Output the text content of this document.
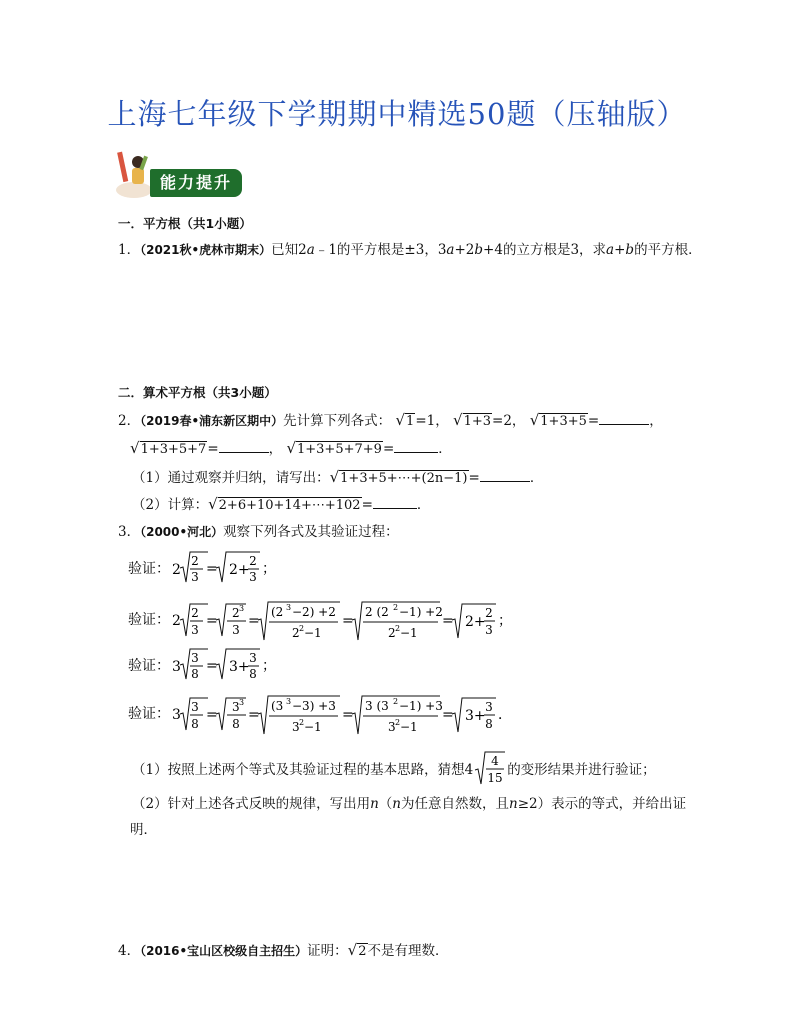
上海七年级下学期期中精选50题（压轴版）
能力提升
一．平方根（共1小题）
1．（2021秋•虎林市期末）已知2a﹣1的平方根是±3，3a+2b+4的立方根是3，求a+b的平方根．
二．算术平方根（共3小题）
2．（2019春•浦东新区期中）先计算下列各式： √1=1， √1+3=2， √1+3+5=	，
√1+3+5+7=	， √1+3+5+7+9=	．
（1）通过观察并归纳，请写出：√1+3+5+⋯+(2n−1)=	．
（2）计算：√2+6+10+14+⋯+102=	．
3．（2000•河北）观察下列各式及其验证过程：
验证： 2
2
3 = 2+
2
3 ；
验证： 2 2
3
= 2 3
3
=
(2 3 −2) +2
2 2 −1
=
2 (2 2 −1) +2
2 2 −1
= 2+
2
3
；
验证： 3
3
8 = 3+
3
8 ；
验证： 3 3
8
= 3 3
8
=
(3 3 −3) +3
3 2 −1
=
3 (3 2 −1) +3
3 2 −1
= 3+
3
8
．
（1）按照上述两个等式及其验证过程的基本思路，猜想4
4
15 的变形结果并进行验证；
（2）针对上述各式反映的规律，写出用n（n为任意自然数，且n≥2）表示的等式，并给出证
明．
4．（2016•宝山区校级自主招生）证明：√2不是有理数．
